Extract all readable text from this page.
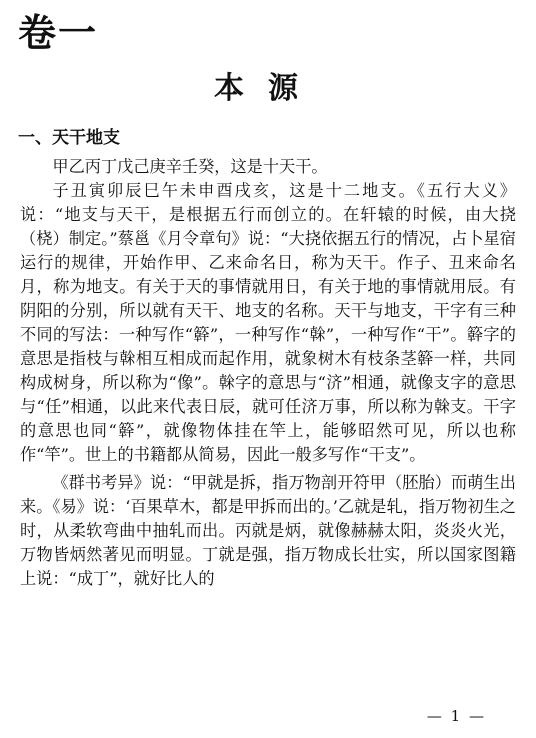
卷一
本源
一、天干地支

甲乙丙丁戊己庚辛壬癸，这是十天干。

子丑寅卯辰巳午未申酉戌亥，这是十二地支。《五行大义》说：“地支与天干，是根据五行而创立的。在轩辕的时候，由大挠（桡）制定。”蔡邕《月令章句》说：“大挠依据五行的情况，占卜星宿运行的规律，开始作甲、乙来命名日，称为天干。作子、丑来命名月，称为地支。有关于天的事情就用日，有关于地的事情就用辰。有阴阳的分别，所以就有天干、地支的名称。天干与地支，干字有三种不同的写法：一种写作“簳”，一种写作“榦”，一种写作“干”。簳字的意思是指枝与榦相互相成而起作用，就象树木有枝条茎簳一样，共同构成树身，所以称为“像”。榦字的意思与“济”相通，就像支字的意思与“任”相通，以此来代表日辰，就可任济万事，所以称为榦支。干字的意思也同“簳”，就像物体挂在竿上，能够昭然可见，所以也称作“竿”。世上的书籍都从简易，因此一般多写作“干支”。

《群书考异》说：“甲就是拆，指万物剖开符甲（胚胎）而萌生出来。《易》说：‘百果草木，都是甲拆而出的。’乙就是轧，指万物初生之时，从柔软弯曲中抽轧而出。丙就是炳，就像赫赫太阳，炎炎火光，万物皆炳然著见而明显。丁就是强，指万物成长壮实，所以国家图籍上说：“成丁”，就好比人的

— 1 —
